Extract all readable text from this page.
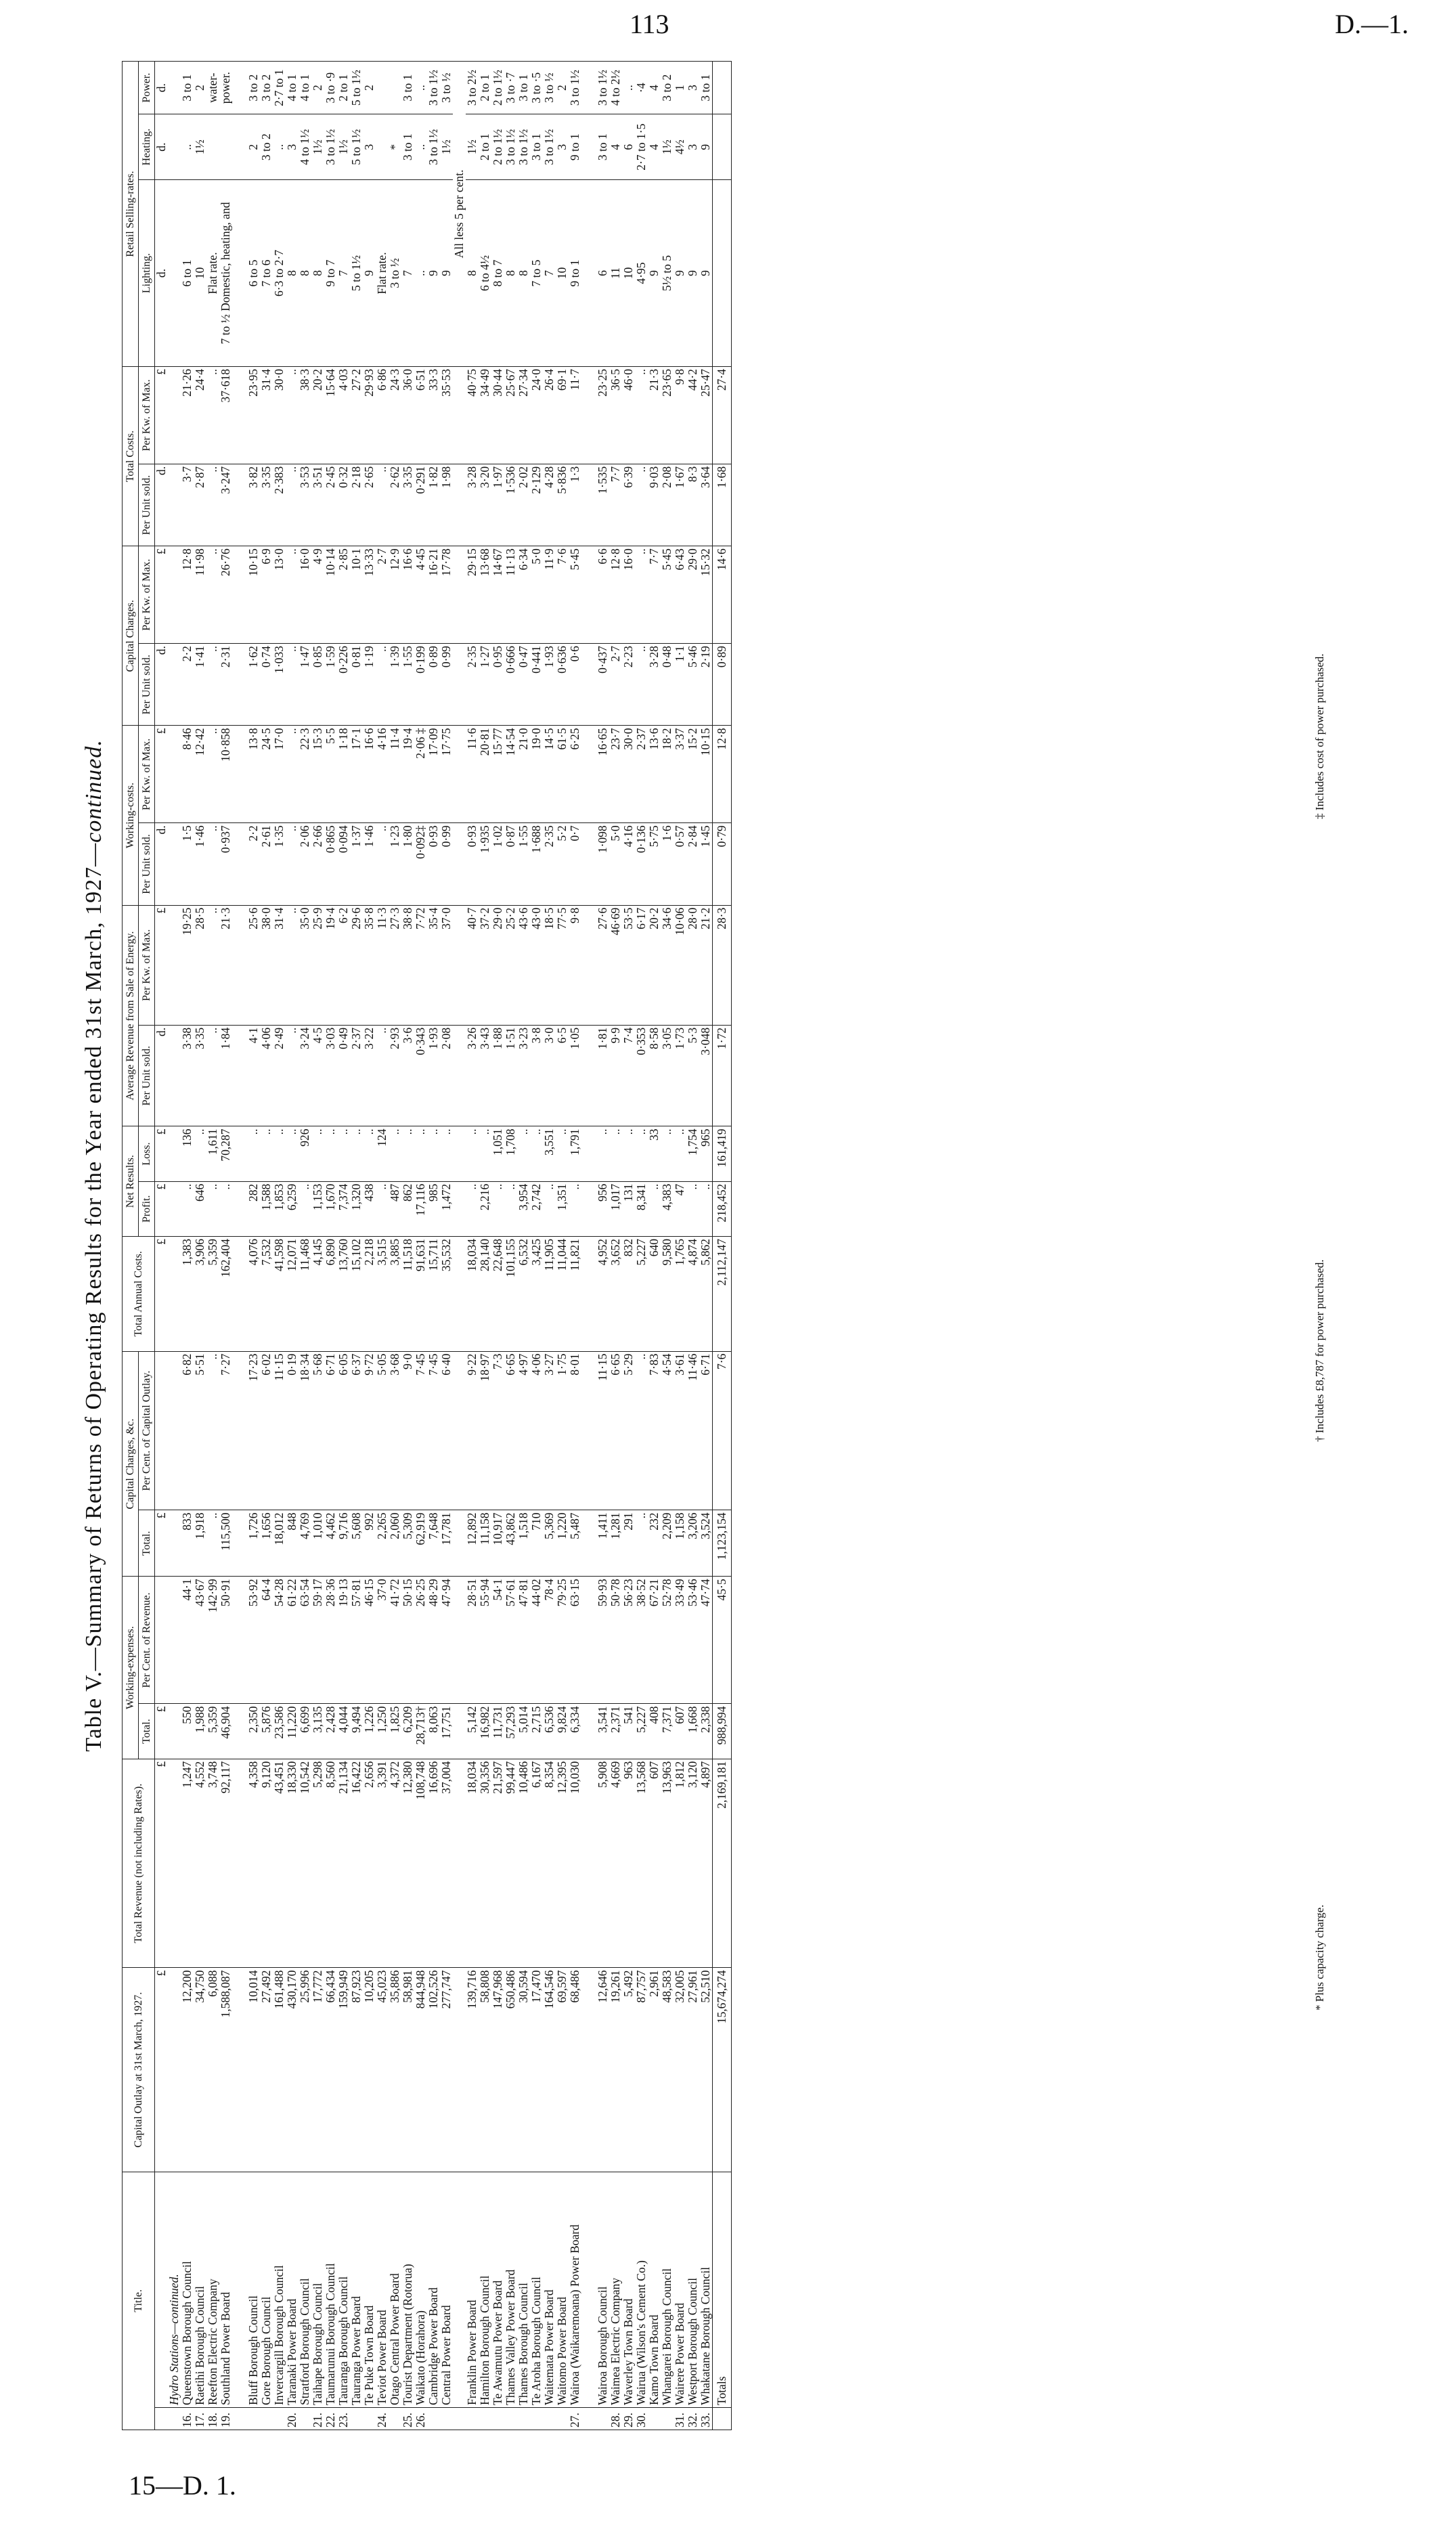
113	D.—1.
Table V.—Summary of Returns of Operating Results for the Year ended 31st March, 1927—continued.
Title.		Capital Outlay at 31st March, 1927.	Total Revenue (not including Rates).	Working-expenses.		Capital Charges, &c.		Total Annual Costs.	Net Results.		Average Revenue from Sale of Energy.		Working-costs.		Capital Charges.		Total Costs.		Retail Selling-rates.		
				Total.	Per Cent. of Revenue.	Total.	Per Cent. of Capital Outlay.		Profit.	Loss.	Per Unit sold.	Per Kw. of Max.	Per Unit sold.	Per Kw. of Max.	Per Unit sold.	Per Kw. of Max.	Per Unit sold.	Per Kw. of Max.	Lighting.	Heating.	Power.
		£	£	£		£		£	£	£	d.	£	d.	£	d.	£	d.	£	d.	d.	d.
	Hydro Stations—continued.																				
16.	Queenstown Borough Council	12,200	1,247	550	44·1	833	6·82	1,383	..	136	3·38	19·25	1·5	8·46	2·2	12·8	3·7	21·26	6 to 1	..	3 to 1
17.	Raetihi Borough Council	34,750	4,552	1,988	43·67	1,918	5·51	3,906	646	..	3·35	28·5	1·46	12·42	1·41	11·98	2·87	24·4	10	1½	2
18.	Reefton Electric Company	6,088	3,748	5,359	142·99	..	..	5,359	..	1,611	..	..	..	..	..	..	..	..	Flat rate.		water-
19.	Southland Power Board	1,588,087	92,117	46,904	50·91	115,500	7·27	162,404	..	70,287	1·84	21·3	0·937	10·858	2·31	26·76	3·247	37·618	7 to ½ Domestic, heating, and		power.

	Bluff Borough Council	10,014	4,358	2,350	53·92	1,726	17·23	4,076	282	..	4·1	25·6	2·2	13·8	1·62	10·15	3·82	23·95	6 to 5	2	3 to 2
	Gore Borough Council	27,492	9,120	5,876	64·4	1,656	6·02	7,532	1,588	..	4·06	38·0	2·61	24·5	0·74	6·9	3·35	31·4	7 to 6	3 to 2	3 to 2
	Invercargill Borough Council	161,488	43,451	23,586	54·28	18,012	11·15	41,598	1,853	..	2·49	31·4	1·35	17·0	1·033	13·0	2·383	30·0	6·3 to 2·7	..	2·7 to 1
20.	Taranaki Power Board	430,170	18,330	11,220	61·22	848	0·19	12,071	6,259	..	..	..	..	..	..	..	..	..	8	3	4 to 1
	Stratford Borough Council	25,996	10,542	6,699	63·54	4,769	18·34	11,468	..	926	3·24	35·0	2·06	22·3	1·47	16·0	3·53	38·3	8	4 to 1½	4 to 1
21.	Taihape Borough Council	17,772	5,298	3,135	59·17	1,010	5·68	4,145	1,153	..	4·5	25·9	2·66	15·3	0·85	4·9	3·51	20·2	8	1½	2
22.	Taumarunui Borough Council	66,434	8,560	2,428	28·36	4,462	6·71	6,890	1,670	..	3·03	19·4	0·865	5·5	1·59	10·14	2·45	15·64	9 to 7	3 to 1½	3 to ·9
23.	Tauranga Borough Council	159,949	21,134	4,044	19·13	9,716	6·05	13,760	7,374	..	0·49	6·2	0·094	1·18	0·226	2·85	0·32	4·03	7	1½	2 to 1
	Tauranga Power Board	87,923	16,422	9,494	57·81	5,608	6·37	15,102	1,320	..	2·37	29·6	1·37	17·1	0·81	10·1	2·18	27·2	5 to 1½	5 to 1½	5 to 1½
	Te Puke Town Board	10,205	2,656	1,226	46·15	992	9·72	2,218	438	..	3·22	35·8	1·46	16·6	1·19	13·33	2·65	29·93	9	3	2
24.	Teviot Power Board	45,023	3,391	1,250	37·0	2,265	5·05	3,515	..	124	..	11·3	..	4·16	..	2·7	..	6·86	Flat rate.		
	Otago Central Power Board	35,886	4,372	1,825	41·72	2,060	3·68	3,885	487	..	2·93	27·3	1·23	11·4	1·39	12·9	2·62	24·3	3 to ½	*	
25.	Tourist Department (Rotorua)	58,981	12,380	6,209	50·15	5,309	9·0	11,518	862	..	3·6	38·8	1·80	19·4	1·55	16·6	3·35	36·0	7	3 to 1	3 to 1
26.	Waikato (Horahora)	844,948	108,748	28,713†	26·25	62,919	7·45	91,631	17,116	..	0·343	7·72	0·092‡	2·06 ‡	0·199	4·45	0·291	6·51	..	..	..
	Cambridge Power Board	102,526	16,696	8,063	48·29	7,648	7·45	15,711	985	..	1·93	35·4	0·93	17·09	0·89	16·21	1·82	33·3	9	3 to 1½	3 to 1½
	Central Power Board	277,747	37,004	17,751	47·94	17,781	6·40	35,532	1,472	..	2·08	37·0	0·99	17·75	0·99	17·78	1·98	35·53	9	1½	3 to ½
																			All less 5 per cent.		
	Franklin Power Board	139,716	18,034	5,142	28·51	12,892	9·22	18,034	..	..	3·26	40·7	0·93	11·6	2·35	29·15	3·28	40·75	8	1½	3 to 2½
	Hamilton Borough Council	58,808	30,356	16,982	55·94	11,158	18·97	28,140	2,216	..	3·43	37·2	1·935	20·81	1·27	13·68	3·20	34·49	6 to 4½	2 to 1	2 to 1
	Te Awamutu Power Board	147,968	21,597	11,731	54·1	10,917	7·3	22,648	..	1,051	1·88	29·0	1·02	15·77	0·95	14·67	1·97	30·44	8 to 7	2 to 1½	2 to 1½
	Thames Valley Power Board	650,486	99,447	57,293	57·61	43,862	6·65	101,155	..	1,708	1·51	25·2	0·87	14·54	0·666	11·13	1·536	25·67	8	3 to 1½	3 to ·7
	Thames Borough Council	30,594	10,486	5,014	47·81	1,518	4·97	6,532	3,954	..	3·23	43·6	1·55	21·0	0·47	6·34	2·02	27·34	8	3 to 1½	3 to 1
	Te Aroha Borough Council	17,470	6,167	2,715	44·02	710	4·06	3,425	2,742	..	3·8	43·0	1·688	19·0	0·441	5·0	2·129	24·0	7 to 5	3 to 1	3 to ·5
	Waitemata Power Board	164,546	8,354	6,536	78·4	5,369	3·27	11,905	..	3,551	3·0	18·5	2·35	14·5	1·93	11·9	4·28	26·4	7	3 to 1½	3 to ½
	Waitomo Power Board	69,597	12,395	9,824	79·25	1,220	1·75	11,044	1,351	..	6·5	77·5	5·2	61·5	0·636	7·6	5·836	69·1	10	3	2
27.	Wairoa (Waikaremoana) Power Board	68,486	10,030	6,334	63·15	5,487	8·01	11,821	..	1,791	1·05	9·8	0·7	6·25	0·6	5·45	1·3	11·7	9 to 1	9 to 1	3 to 1½

	Wairoa Borough Council	12,646	5,908	3,541	59·93	1,411	11·15	4,952	956	..	1·81	27·6	1·098	16·65	0·437	6·6	1·535	23·25	6	3 to 1	3 to 1½
28.	Waimea Electric Company	19,261	4,669	2,371	50·78	1,281	6·65	3,652	1,017	..	9·9	46·69	5·0	23·7	2·7	12·8	7·7	36·5	11	4	4 to 2½
29.	Waverley Town Board	5,492	963	541	56·23	291	5·29	832	131	..	7·4	53·5	4·16	30·0	2·23	16·0	6·39	46·0	10	6	..
30.	Wairua (Wilson's Cement Co.)	87,757	13,568	5,227	38·52	..	..	5,227	8,341	..	0·353	6·17	0·136	2·37	..	..	..	..	4·95	2·7 to 1·5	·4
	Kamo Town Board	2,961	607	408	67·21	232	7·83	640	..	33	8·58	20·2	5·75	13·6	3·28	7·7	9·03	21·3	9	4	4
	Whangarei Borough Council	48,583	13,963	7,371	52·78	2,209	4·54	9,580	4,383	..	3·05	34·6	1·6	18·2	0·48	5·45	2·08	23·65	5½ to 5	1½	3 to 2
31.	Wairere Power Board	32,005	1,812	607	33·49	1,158	3·61	1,765	47	..	1·73	10·06	0·57	3·37	1·1	6·43	1·67	9·8	9	4½	1
32.	Westport Borough Council	27,961	3,120	1,668	53·46	3,206	11·46	4,874	..	1,754	5·3	28·0	2·84	15·2	5·46	29·0	8·3	44·2	9	3	3
33.	Whakatane Borough Council	52,510	4,897	2,338	47·74	3,524	6·71	5,862	..	965	3·048	21·2	1·45	10·15	2·19	15·32	3·64	25·47	9	9	3 to 1
	Totals	15,674,274	2,169,181	988,994	45·5	1,123,154	7·6	2,112,147	218,452	161,419	1·72	28·3	0·79	12·8	0·89	14·6	1·68	27·4			
* Plus capacity charge.
† Includes £8,787 for power purchased.
‡ Includes cost of power purchased.
15—D. 1.
